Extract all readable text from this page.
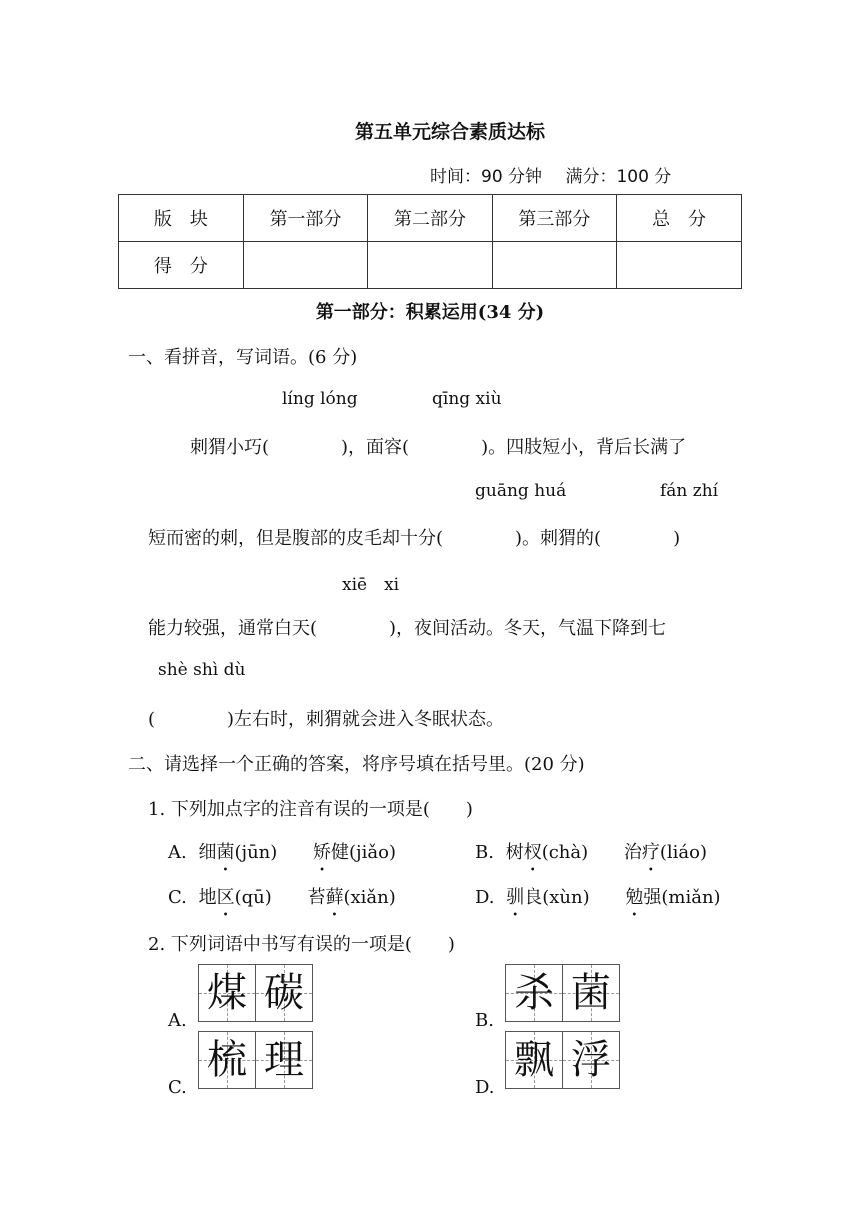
第五单元综合素质达标
时间：90 分钟 满分：100 分
版　块	第一部分	第二部分	第三部分	总　分
得　分				
第一部分：积累运用(34 分)
一、看拼音，写词语。(6 分)
líng lóng	qīng xiù
刺猬小巧(　　　　)，面容(　　　　)。四肢短小，背后长满了
guāng huá	fán zhí
短而密的刺，但是腹部的皮毛却十分(　　　　)。刺猬的(　　　　)
xiē　xi
能力较强，通常白天(　　　　)，夜间活动。冬天，气温下降到七
shè shì dù
(　　　　)左右时，刺猬就会进入冬眠状态。
二、请选择一个正确的答案，将序号填在括号里。(20 分)
1. 下列加点字的注音有误的一项是(　　)
A. 细菌(jūn) 矫健(jiǎo)	B. 树杈(chà) 治疗(liáo)
C. 地区(qū) 苔藓(xiǎn)	D. 驯良(xùn) 勉强(miǎn)
2. 下列词语中书写有误的一项是(　　)
A.
煤 碳
B.
杀 菌
C.
梳 理
D.
飘 浮
